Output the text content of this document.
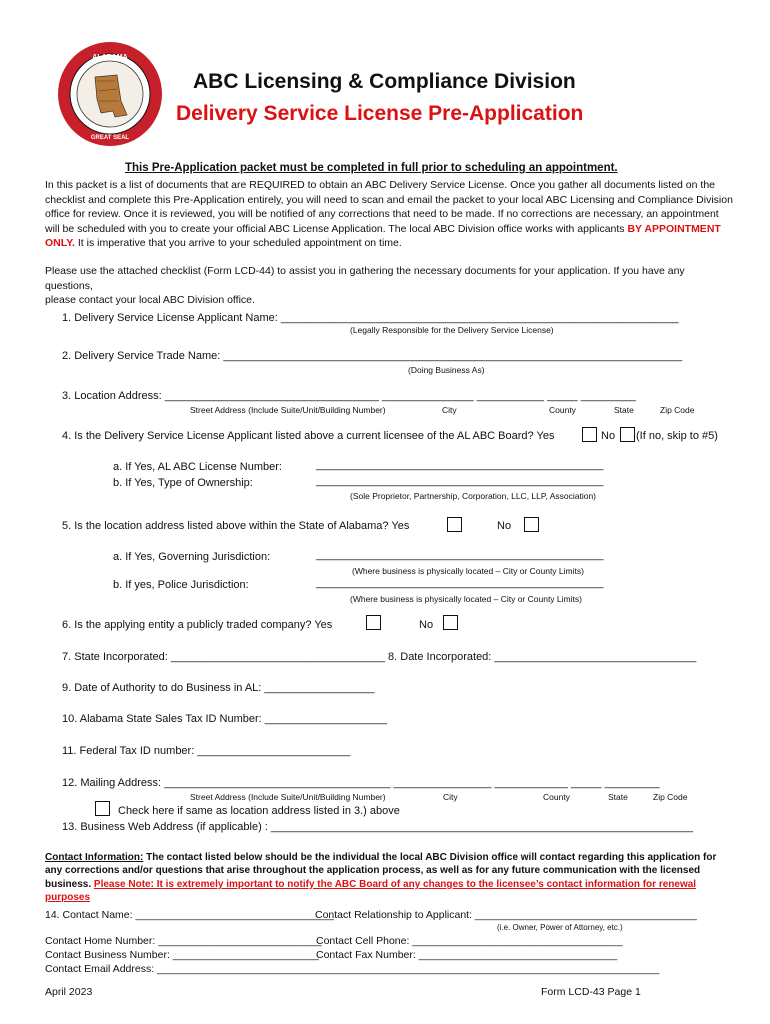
ALABAMA
GREAT SEAL
ABC Licensing & Compliance Division
Delivery Service License Pre-Application
This Pre-Application packet must be completed in full prior to scheduling an appointment.
In this packet is a list of documents that are REQUIRED to obtain an ABC Delivery Service License. Once you gather all documents listed on the
checklist and complete this Pre-Application entirely, you will need to scan and email the packet to your local ABC Licensing and Compliance Division
office for review. Once it is reviewed, you will be notified of any corrections that need to be made. If no corrections are necessary, an appointment
will be scheduled with you to create your official ABC License Application. The local ABC Division office works with applicants BY APPOINTMENT
ONLY. It is imperative that you arrive to your scheduled appointment on time.
Please use the attached checklist (Form LCD-44) to assist you in gathering the necessary documents for your application. If you have any questions,
please contact your local ABC Division office.
1. Delivery Service License Applicant Name: _________________________________________________________________
(Legally Responsible for the Delivery Service License)
2. Delivery Service Trade Name: ___________________________________________________________________________
(Doing Business As)
3. Location Address: ___________________________________ _______________ ___________ _____ _________
Street Address (Include Suite/Unit/Building Number)	City	County	State	Zip Code
4. Is the Delivery Service License Applicant listed above a current licensee of the AL ABC Board? Yes	No (If no, skip to #5)
a. If Yes, AL ABC License Number:	_______________________________________________
b. If Yes, Type of Ownership:	_______________________________________________
(Sole Proprietor, Partnership, Corporation, LLC, LLP, Association)
5. Is the location address listed above within the State of Alabama? Yes	No
a. If Yes, Governing Jurisdiction:	_______________________________________________
(Where business is physically located – City or County Limits)
b. If yes, Police Jurisdiction:	_______________________________________________
(Where business is physically located – City or County Limits)
6. Is the applying entity a publicly traded company? Yes	No
7. State Incorporated: ___________________________________ 8. Date Incorporated: _________________________________
9. Date of Authority to do Business in AL: __________________
10. Alabama State Sales Tax ID Number: ____________________
11. Federal Tax ID number: _________________________
12. Mailing Address: _____________________________________ ________________ ____________ _____ _________
Street Address (Include Suite/Unit/Building Number)	City	County	State	Zip Code
Check here if same as location address listed in 3.) above
13. Business Web Address (if applicable) : _____________________________________________________________________
Contact Information: The contact listed below should be the individual the local ABC Division office will contact regarding this application for
any corrections and/or questions that arise throughout the application process, as well as for any future communication with the licensed
business. Please Note: It is extremely important to notify the ABC Board of any changes to the licensee’s contact information for renewal
purposes
14. Contact Name: __________________________________
Contact Relationship to Applicant: ______________________________________
(i.e. Owner, Power of Attorney, etc.)
Contact Home Number: ____________________________
Contact Cell Phone: ____________________________________
Contact Business Number: _________________________
Contact Fax Number: __________________________________
Contact Email Address: ______________________________________________________________________________________
April 2023	Form LCD-43 Page 1
